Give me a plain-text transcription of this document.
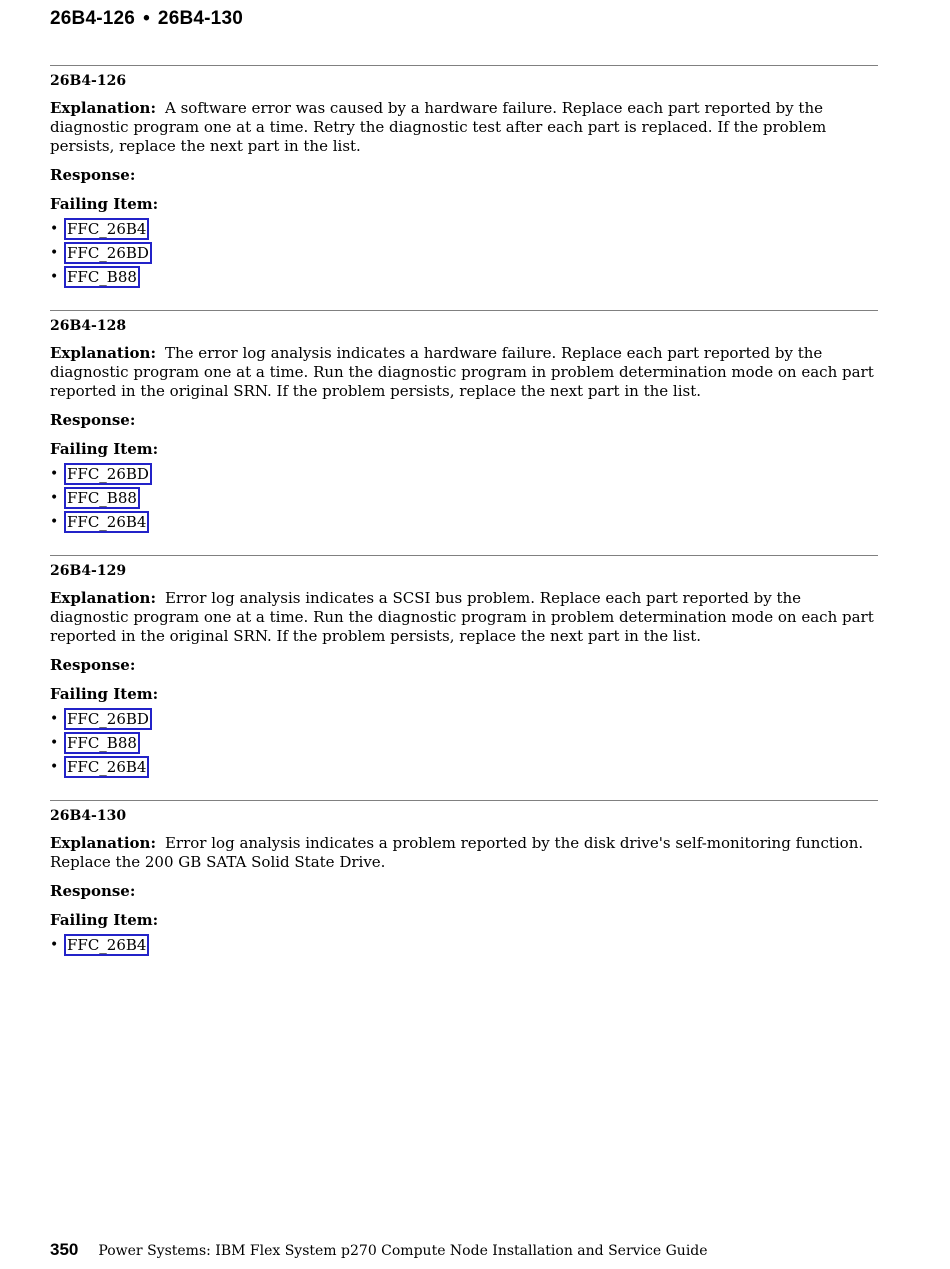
26B4-126 • 26B4-130
26B4-126
Explanation: A software error was caused by a hardware failure. Replace each part reported by the diagnostic program one at a time. Retry the diagnostic test after each part is replaced. If the problem persists, replace the next part in the list.
Response:
Failing Item:
• FFC_26B4
• FFC_26BD
• FFC_B88
26B4-128
Explanation: The error log analysis indicates a hardware failure. Replace each part reported by the diagnostic program one at a time. Run the diagnostic program in problem determination mode on each part reported in the original SRN. If the problem persists, replace the next part in the list.
Response:
Failing Item:
• FFC_26BD
• FFC_B88
• FFC_26B4
26B4-129
Explanation: Error log analysis indicates a SCSI bus problem. Replace each part reported by the diagnostic program one at a time. Run the diagnostic program in problem determination mode on each part reported in the original SRN. If the problem persists, replace the next part in the list.
Response:
Failing Item:
• FFC_26BD
• FFC_B88
• FFC_26B4
26B4-130
Explanation: Error log analysis indicates a problem reported by the disk drive's self-monitoring function. Replace the 200 GB SATA Solid State Drive.
Response:
Failing Item:
• FFC_26B4
350 Power Systems: IBM Flex System p270 Compute Node Installation and Service Guide
